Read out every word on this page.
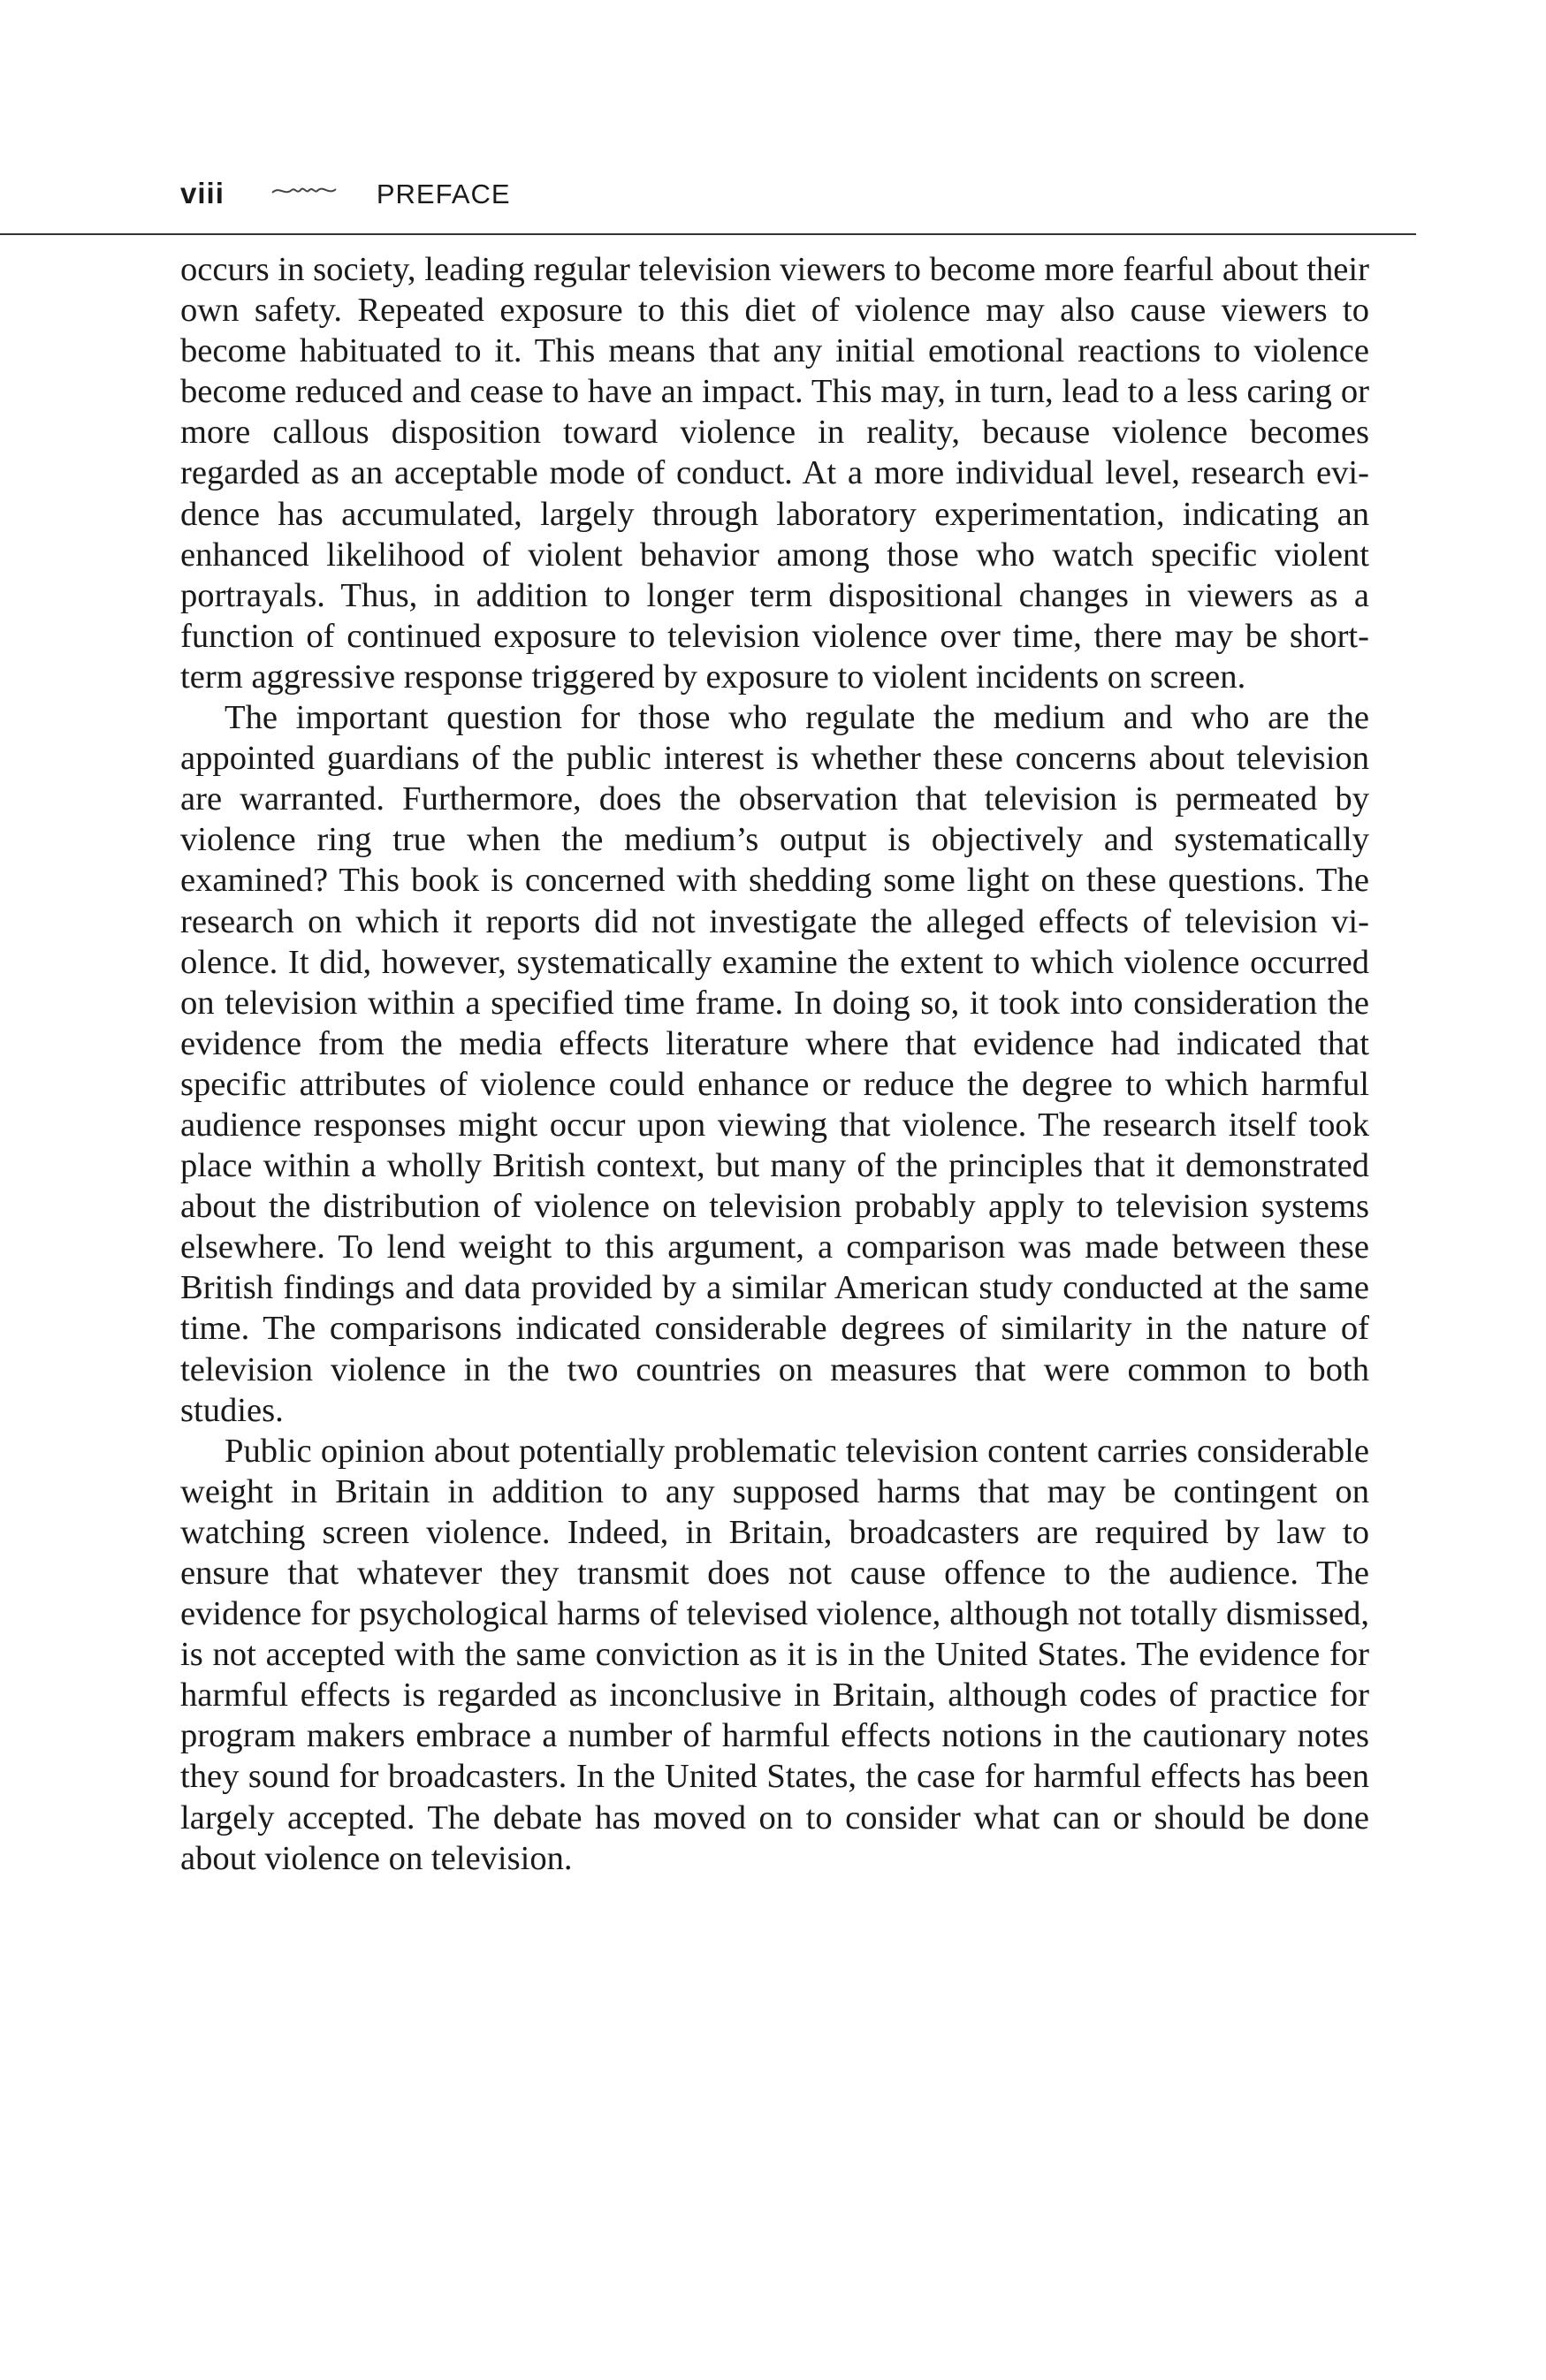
viii	PREFACE

occurs in society, leading regular television viewers to become more fearful about their own safety. Repeated exposure to this diet of violence may also cause viewers to become habituated to it. This means that any initial emotional reactions to violence become reduced and cease to have an impact. This may, in turn, lead to a less caring or more callous disposition toward violence in reality, because violence becomes regarded as an acceptable mode of conduct. At a more individual level, research evidence has accumulated, largely through laboratory experimentation, indicating an enhanced likelihood of violent behavior among those who watch specific violent portrayals. Thus, in addition to longer term dispositional changes in viewers as a function of continued exposure to television violence over time, there may be short-term aggressive response triggered by exposure to violent incidents on screen.

The important question for those who regulate the medium and who are the appointed guardians of the public interest is whether these concerns about television are warranted. Furthermore, does the observation that television is permeated by violence ring true when the medium’s output is objectively and systematically examined? This book is concerned with shedding some light on these questions. The research on which it reports did not investigate the alleged effects of television violence. It did, however, systematically examine the extent to which violence occurred on television within a specified time frame. In doing so, it took into consideration the evidence from the media effects literature where that evidence had indicated that specific attributes of violence could enhance or reduce the degree to which harmful audience responses might occur upon viewing that violence. The research itself took place within a wholly British context, but many of the principles that it demonstrated about the distribution of violence on television probably apply to television systems elsewhere. To lend weight to this argument, a comparison was made between these British findings and data provided by a similar American study conducted at the same time. The comparisons indicated considerable degrees of similarity in the nature of television violence in the two countries on measures that were common to both studies.

Public opinion about potentially problematic television content carries considerable weight in Britain in addition to any supposed harms that may be contingent on watching screen violence. Indeed, in Britain, broadcasters are required by law to ensure that whatever they transmit does not cause offence to the audience. The evidence for psychological harms of televised violence, although not totally dismissed, is not accepted with the same conviction as it is in the United States. The evidence for harmful effects is regarded as inconclusive in Britain, although codes of practice for program makers embrace a number of harmful effects notions in the cautionary notes they sound for broadcasters. In the United States, the case for harmful effects has been largely accepted. The debate has moved on to consider what can or should be done about violence on television.
